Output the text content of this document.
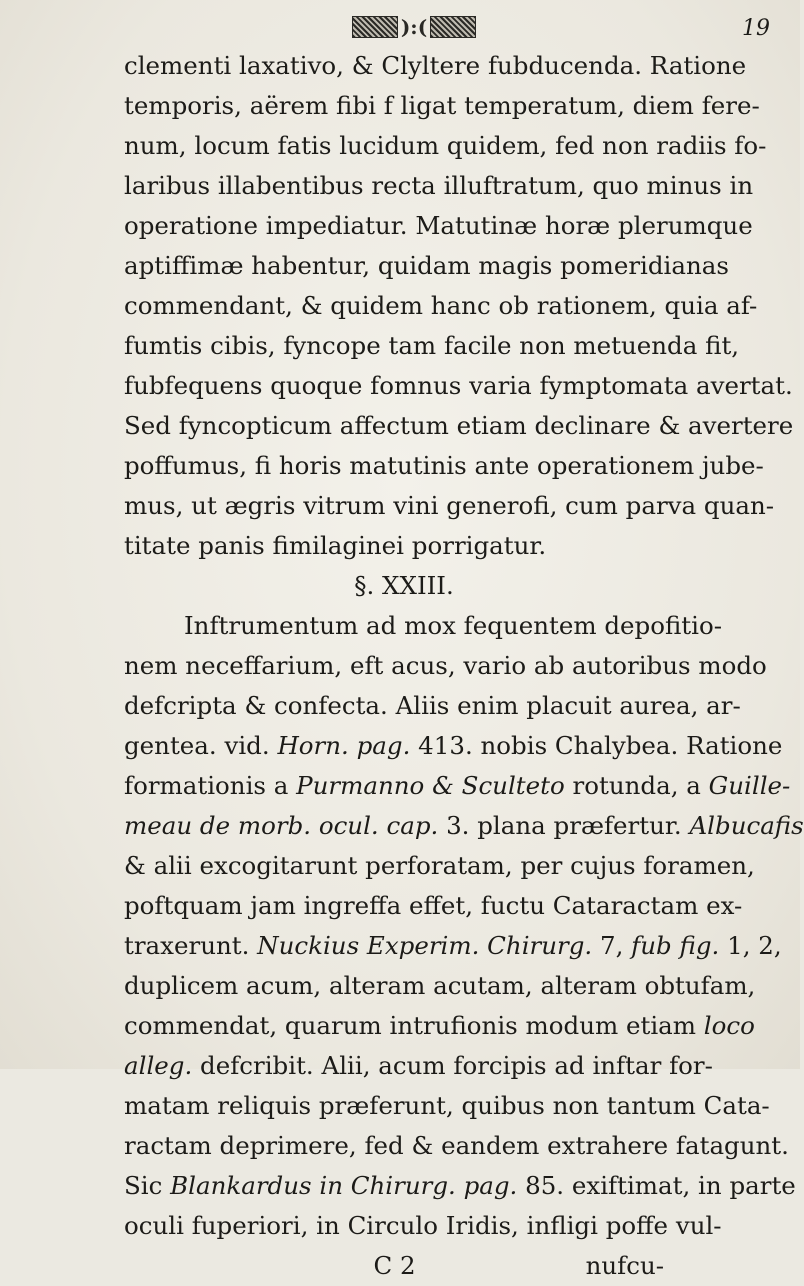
):(	19
clementi laxativo, & Clyltere fubducenda. Ratione
temporis, aërem fibi f ligat temperatum, diem fere-
num, locum fatis lucidum quidem, fed non radiis fo-
laribus illabentibus recta illuftratum, quo minus in
operatione impediatur. Matutinæ horæ plerumque
aptiffimæ habentur, quidam magis pomeridianas
commendant, & quidem hanc ob rationem, quia af-
fumtis cibis, fyncope tam facile non metuenda fit,
fubfequens quoque fomnus varia fymptomata avertat.
Sed fyncopticum affectum etiam declinare & avertere
poffumus, fi horis matutinis ante operationem jube-
mus, ut ægris vitrum vini generofi, cum parva quan-
titate panis fimilaginei porrigatur.
§. XXIII.
Inftrumentum ad mox fequentem depofitio-
nem neceffarium, eft acus, vario ab autoribus modo
defcripta & confecta. Aliis enim placuit aurea, ar-
gentea. vid. Horn. pag. 413. nobis Chalybea. Ratione
formationis a Purmanno & Sculteto rotunda, a Guille-
meau de morb. ocul. cap. 3. plana præfertur. Albucafis
& alii excogitarunt perforatam, per cujus foramen,
poftquam jam ingreffa effet, fuctu Cataractam ex-
traxerunt. Nuckius Experim. Chirurg. 7, fub fig. 1, 2,
duplicem acum, alteram acutam, alteram obtufam,
commendat, quarum intrufionis modum etiam loco
alleg. defcribit. Alii, acum forcipis ad inftar for-
matam reliquis præferunt, quibus non tantum Cata-
ractam deprimere, fed & eandem extrahere fatagunt.
Sic Blankardus in Chirurg. pag. 85. exiftimat, in parte
oculi fuperiori, in Circulo Iridis, infligi poffe vul-
C 2	nufcu-
